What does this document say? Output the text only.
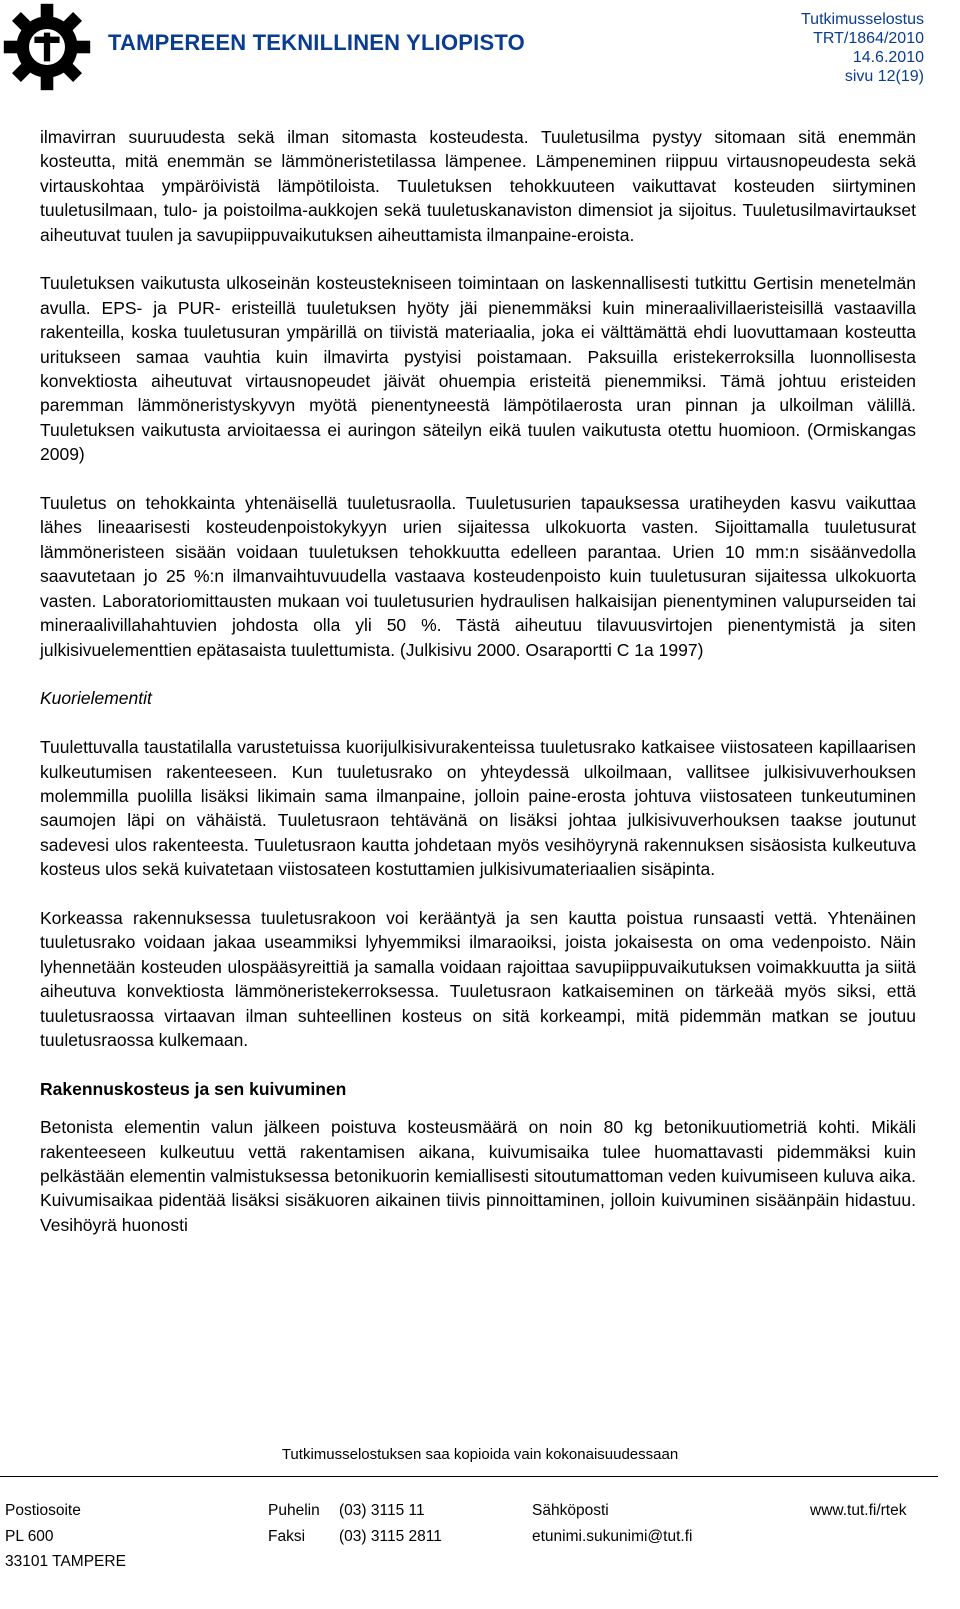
TAMPEREEN TEKNILLINEN YLIOPISTO
Tutkimusselostus
TRT/1864/2010
14.6.2010
sivu 12(19)

ilmavirran suuruudesta sekä ilman sitomasta kosteudesta. Tuuletusilma pystyy sitomaan sitä enemmän kosteutta, mitä enemmän se lämmöneristetilassa lämpenee. Lämpeneminen riippuu virtausnopeudesta sekä virtauskohtaa ympäröivistä lämpötiloista. Tuuletuksen tehokkuuteen vaikuttavat kosteuden siirtyminen tuuletusilmaan, tulo- ja poistoilma-aukkojen sekä tuuletuskanaviston dimensiot ja sijoitus. Tuuletusilmavirtaukset aiheutuvat tuulen ja savupiippuvaikutuksen aiheuttamista ilmanpaine-eroista.

Tuuletuksen vaikutusta ulkoseinän kosteustekniseen toimintaan on laskennallisesti tutkittu Gertisin menetelmän avulla. EPS- ja PUR- eristeillä tuuletuksen hyöty jäi pienemmäksi kuin mineraalivillaeristeisillä vastaavilla rakenteilla, koska tuuletusuran ympärillä on tiivistä materiaalia, joka ei välttämättä ehdi luovuttamaan kosteutta uritukseen samaa vauhtia kuin ilmavirta pystyisi poistamaan. Paksuilla eristekerroksilla luonnollisesta konvektiosta aiheutuvat virtausnopeudet jäivät ohuempia eristeitä pienemmiksi. Tämä johtuu eristeiden paremman lämmöneristyskyvyn myötä pienentyneestä lämpötilaerosta uran pinnan ja ulkoilman välillä. Tuuletuksen vaikutusta arvioitaessa ei auringon säteilyn eikä tuulen vaikutusta otettu huomioon. (Ormiskangas 2009)

Tuuletus on tehokkainta yhtenäisellä tuuletusraolla. Tuuletusurien tapauksessa uratiheyden kasvu vaikuttaa lähes lineaarisesti kosteudenpoistokykyyn urien sijaitessa ulkokuorta vasten. Sijoittamalla tuuletusurat lämmöneristeen sisään voidaan tuuletuksen tehokkuutta edelleen parantaa. Urien 10 mm:n sisäänvedolla saavutetaan jo 25 %:n ilmanvaihtuvuudella vastaava kosteudenpoisto kuin tuuletusuran sijaitessa ulkokuorta vasten. Laboratoriomittausten mukaan voi tuuletusurien hydraulisen halkaisijan pienentyminen valupurseiden tai mineraalivillahahtuvien johdosta olla yli 50 %. Tästä aiheutuu tilavuusvirtojen pienentymistä ja siten julkisivuelementtien epätasaista tuulettumista. (Julkisivu 2000. Osaraportti C 1a 1997)

Kuorielementit

Tuulettuvalla taustatilalla varustetuissa kuorijulkisivurakenteissa tuuletusrako katkaisee viistosateen kapillaarisen kulkeutumisen rakenteeseen. Kun tuuletusrako on yhteydessä ulkoilmaan, vallitsee julkisivuverhouksen molemmilla puolilla lisäksi likimain sama ilmanpaine, jolloin paine-erosta johtuva viistosateen tunkeutuminen saumojen läpi on vähäistä. Tuuletusraon tehtävänä on lisäksi johtaa julkisivuverhouksen taakse joutunut sadevesi ulos rakenteesta. Tuuletusraon kautta johdetaan myös vesihöyrynä rakennuksen sisäosista kulkeutuva kosteus ulos sekä kuivatetaan viistosateen kostuttamien julkisivumateriaalien sisäpinta.

Korkeassa rakennuksessa tuuletusrakoon voi kerääntyä ja sen kautta poistua runsaasti vettä. Yhtenäinen tuuletusrako voidaan jakaa useammiksi lyhyemmiksi ilmaraoiksi, joista jokaisesta on oma vedenpoisto. Näin lyhennetään kosteuden ulospääsyreittiä ja samalla voidaan rajoittaa savupiippuvaikutuksen voimakkuutta ja siitä aiheutuva konvektiosta lämmöneristekerroksessa. Tuuletusraon katkaiseminen on tärkeää myös siksi, että tuuletusraossa virtaavan ilman suhteellinen kosteus on sitä korkeampi, mitä pidemmän matkan se joutuu tuuletusraossa kulkemaan.

Rakennuskosteus ja sen kuivuminen

Betonista elementin valun jälkeen poistuva kosteusmäärä on noin 80 kg betonikuutiometriä kohti. Mikäli rakenteeseen kulkeutuu vettä rakentamisen aikana, kuivumisaika tulee huomattavasti pidemmäksi kuin pelkästään elementin valmistuksessa betonikuorin kemiallisesti sitoutumattoman veden kuivumiseen kuluva aika. Kuivumisaikaa pidentää lisäksi sisäkuoren aikainen tiivis pinnoittaminen, jolloin kuivuminen sisäänpäin hidastuu. Vesihöyrä huonosti

Tutkimusselostuksen saa kopioida vain kokonaisuudessaan
Postiosoite
PL 600
33101 TAMPERE
Puhelin
Faksi
(03) 3115 11
(03) 3115 2811
Sähköposti
etunimi.sukunimi@tut.fi
www.tut.fi/rtek
